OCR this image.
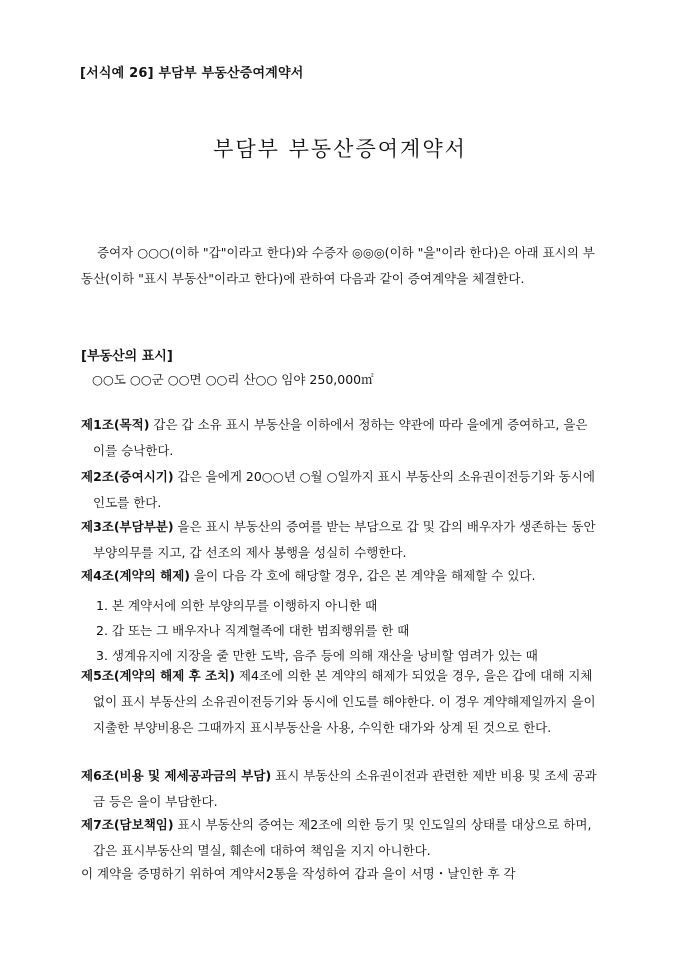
[서식예 26] 부담부 부동산증여계약서
부담부 부동산증여계약서
증여자 ○○○(이하 "갑"이라고 한다)와 수증자 ◎◎◎(이하 "을"이라 한다)은 아래 표시의 부동산(이하 "표시 부동산"이라고 한다)에 관하여 다음과 같이 증여계약을 체결한다.
[부동산의 표시]
○○도 ○○군 ○○면 ○○리 산○○ 임야 250,000㎡
제1조(목적) 갑은 갑 소유 표시 부동산을 이하에서 정하는 약관에 따라 을에게 증여하고, 을은 이를 승낙한다.
제2조(증여시기) 갑은 을에게 20○○년 ○월 ○일까지 표시 부동산의 소유권이전등기와 동시에 인도를 한다.
제3조(부담부분) 을은 표시 부동산의 증여를 받는 부담으로 갑 및 갑의 배우자가 생존하는 동안 부양의무를 지고, 갑 선조의 제사 봉행을 성실히 수행한다.
제4조(계약의 해제) 을이 다음 각 호에 해당할 경우, 갑은 본 계약을 해제할 수 있다.
1. 본 계약서에 의한 부양의무를 이행하지 아니한 때
2. 갑 또는 그 배우자나 직계혈족에 대한 범죄행위를 한 때
3. 생계유지에 지장을 줄 만한 도박, 음주 등에 의해 재산을 낭비할 염려가 있는 때
제5조(계약의 해제 후 조치) 제4조에 의한 본 계약의 해제가 되었을 경우, 을은 갑에 대해 지체 없이 표시 부동산의 소유권이전등기와 동시에 인도를 해야한다. 이 경우 계약해제일까지 을이 지출한 부양비용은 그때까지 표시부동산을 사용, 수익한 대가와 상계 된 것으로 한다.
제6조(비용 및 제세공과금의 부담) 표시 부동산의 소유권이전과 관련한 제반 비용 및 조세 공과금 등은 을이 부담한다.
제7조(담보책임) 표시 부동산의 증여는 제2조에 의한 등기 및 인도일의 상태를 대상으로 하며, 갑은 표시부동산의 멸실, 훼손에 대하여 책임을 지지 아니한다.
이 계약을 증명하기 위하여 계약서2통을 작성하여 갑과 을이 서명・날인한 후 각
